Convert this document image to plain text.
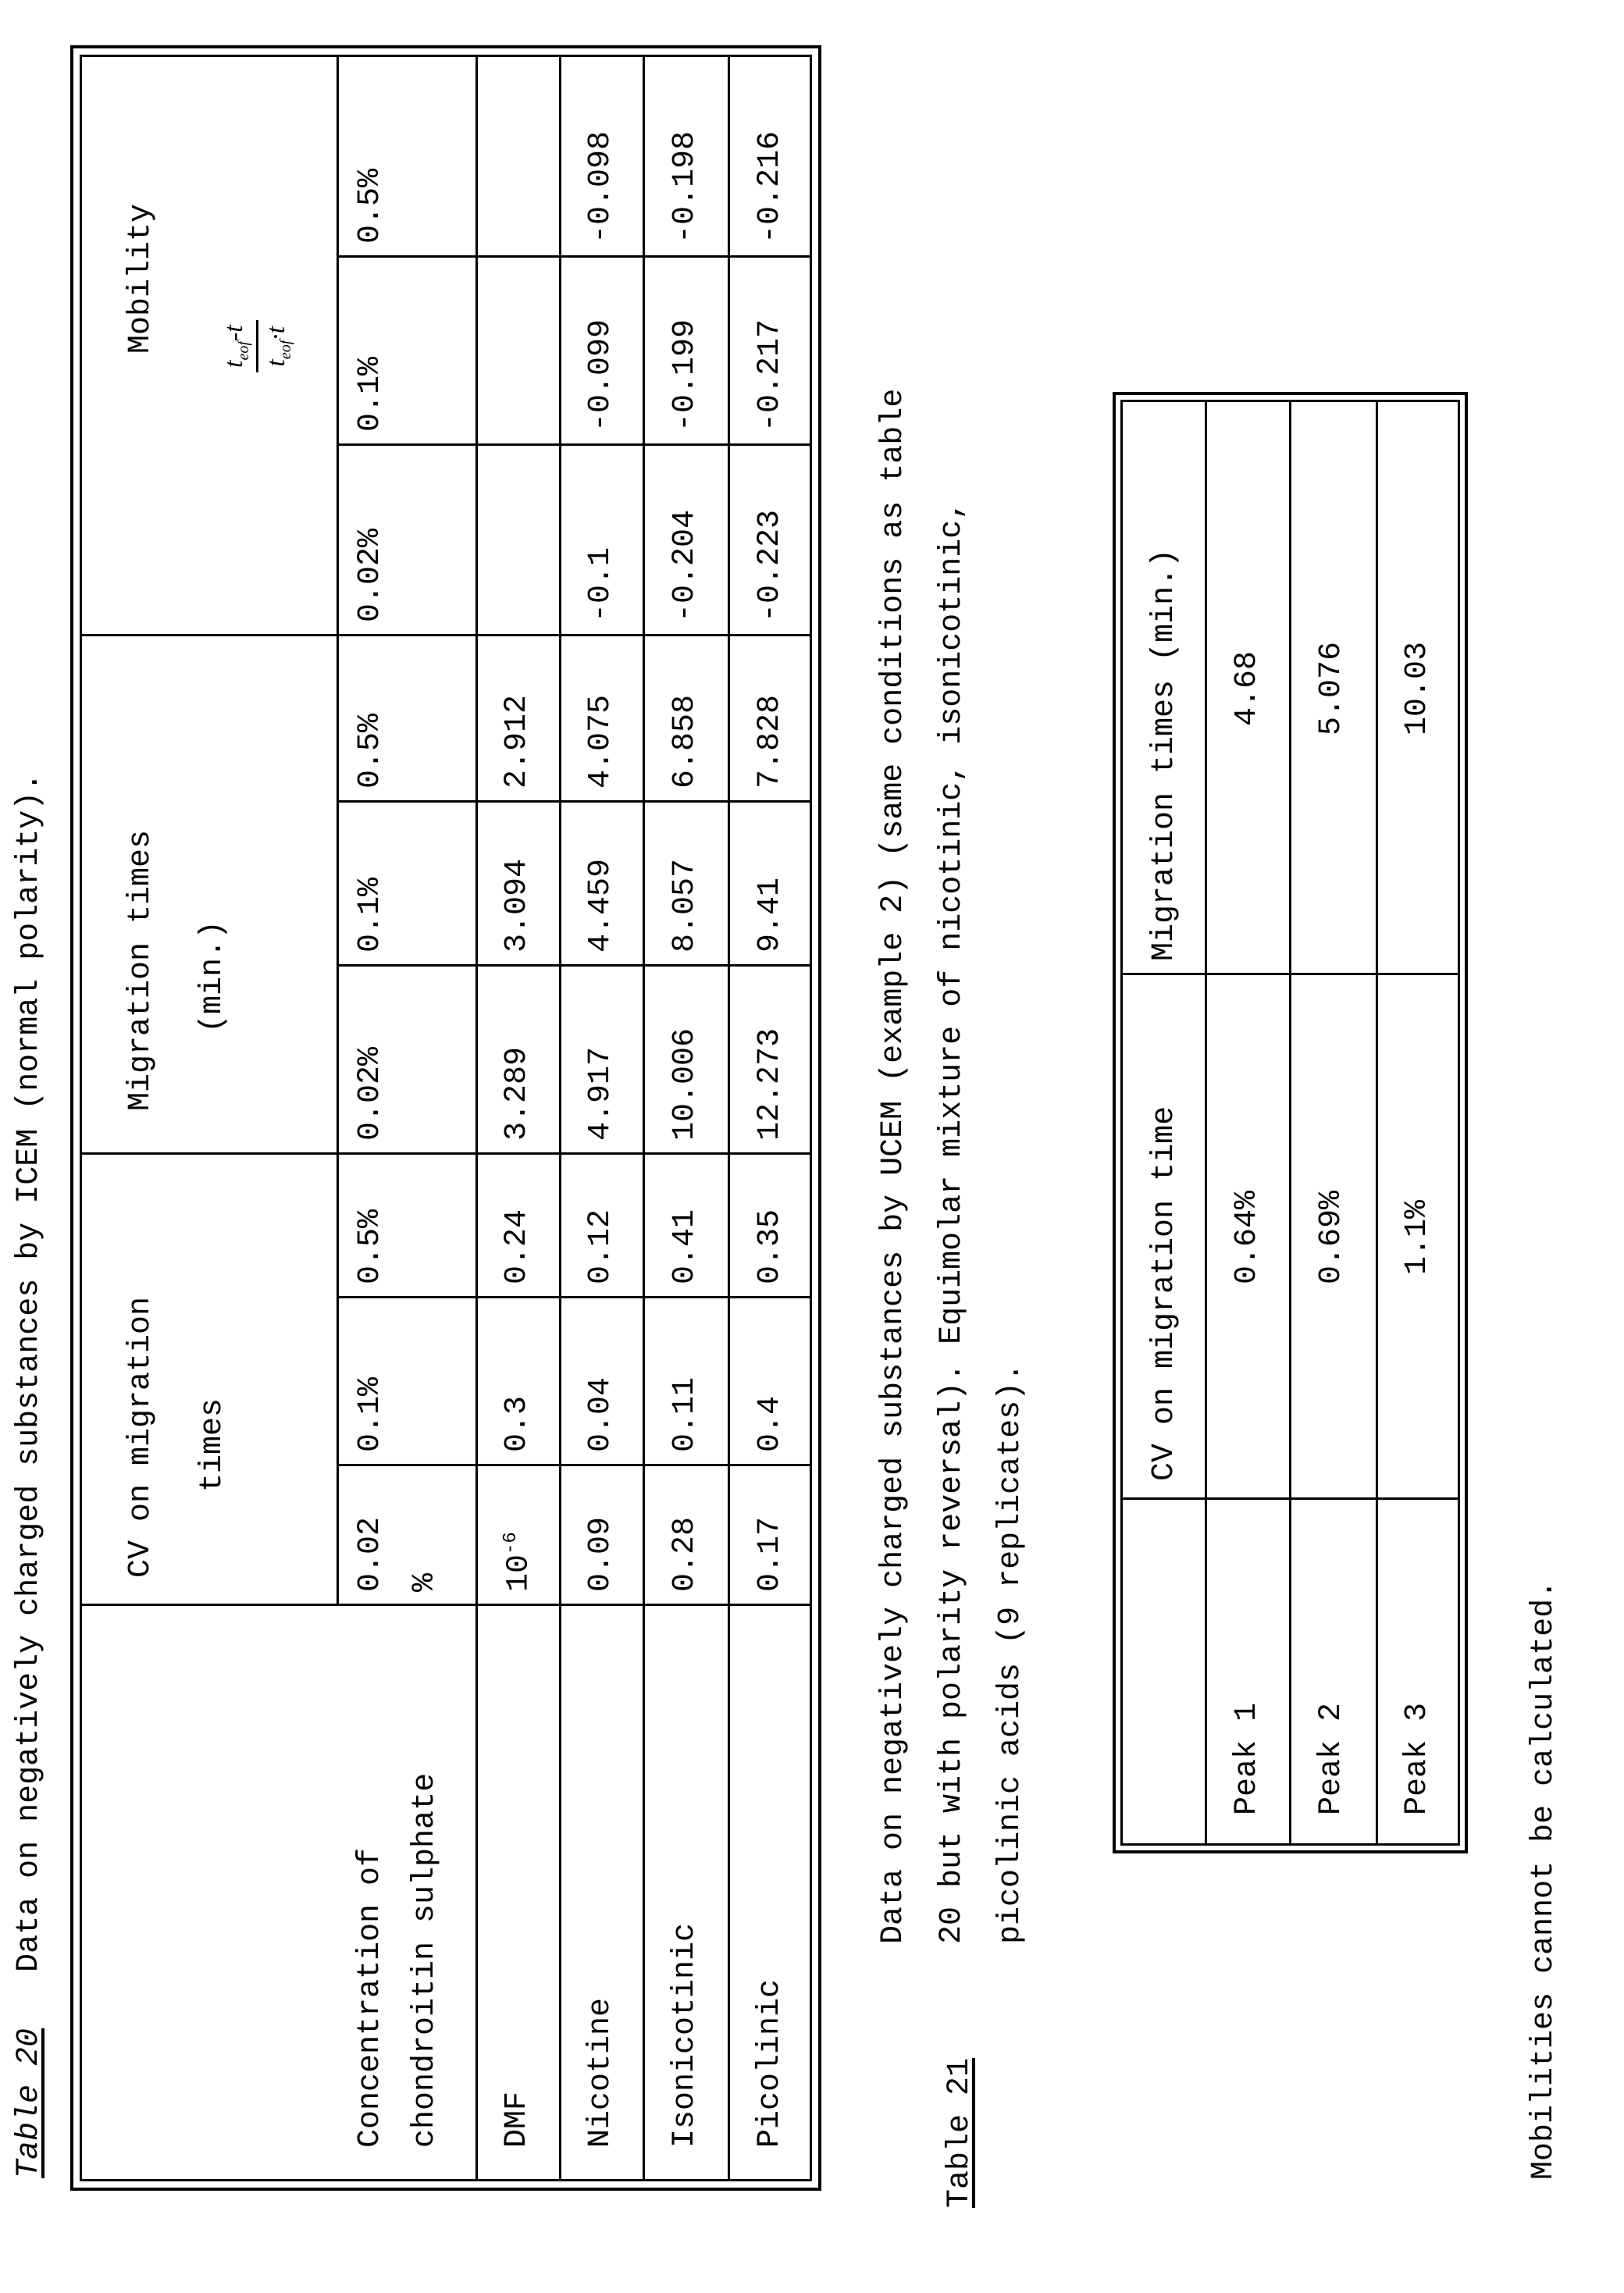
Table 20  Data on negatively charged substances by ICEM (normal polarity). CV on migration times
Migration times (min.)
Mobility
$t_{eof}-t$
$t_{eof}\cdot t$
Concentration of chondroitin sulphate
0.02 %
0.1%
0.5%
0.02%
0.1%
0.5%
0.02%
0.1%
0.5%
DMF
$10^{-6}$
0.3
0.24
3.289
3.094
2.912
Nicotine
0.09
0.04
0.12
4.917
4.459
4.075
-0.1
-0.099
-0.098
Isonicotinic
0.28
0.11
0.41
10.006
8.057
6.858
-0.204
-0.199
-0.198
Picolinic
0.17
0.4
0.35
12.273
9.41
7.828
-0.223
-0.217
-0.216
Table 21
Data on negatively charged substances by UCEM (example 2) (same conditions as table 20 but with polarity reversal). Equimolar mixture of nicotinic, isonicotinic, picolinic acids (9 replicates).
CV on migration time
Migration times (min.)
Peak 1
0.64%
4.68
Peak 2
0.69%
5.076
Peak 3
1.1%
10.03
Mobilities cannot be calculated.
